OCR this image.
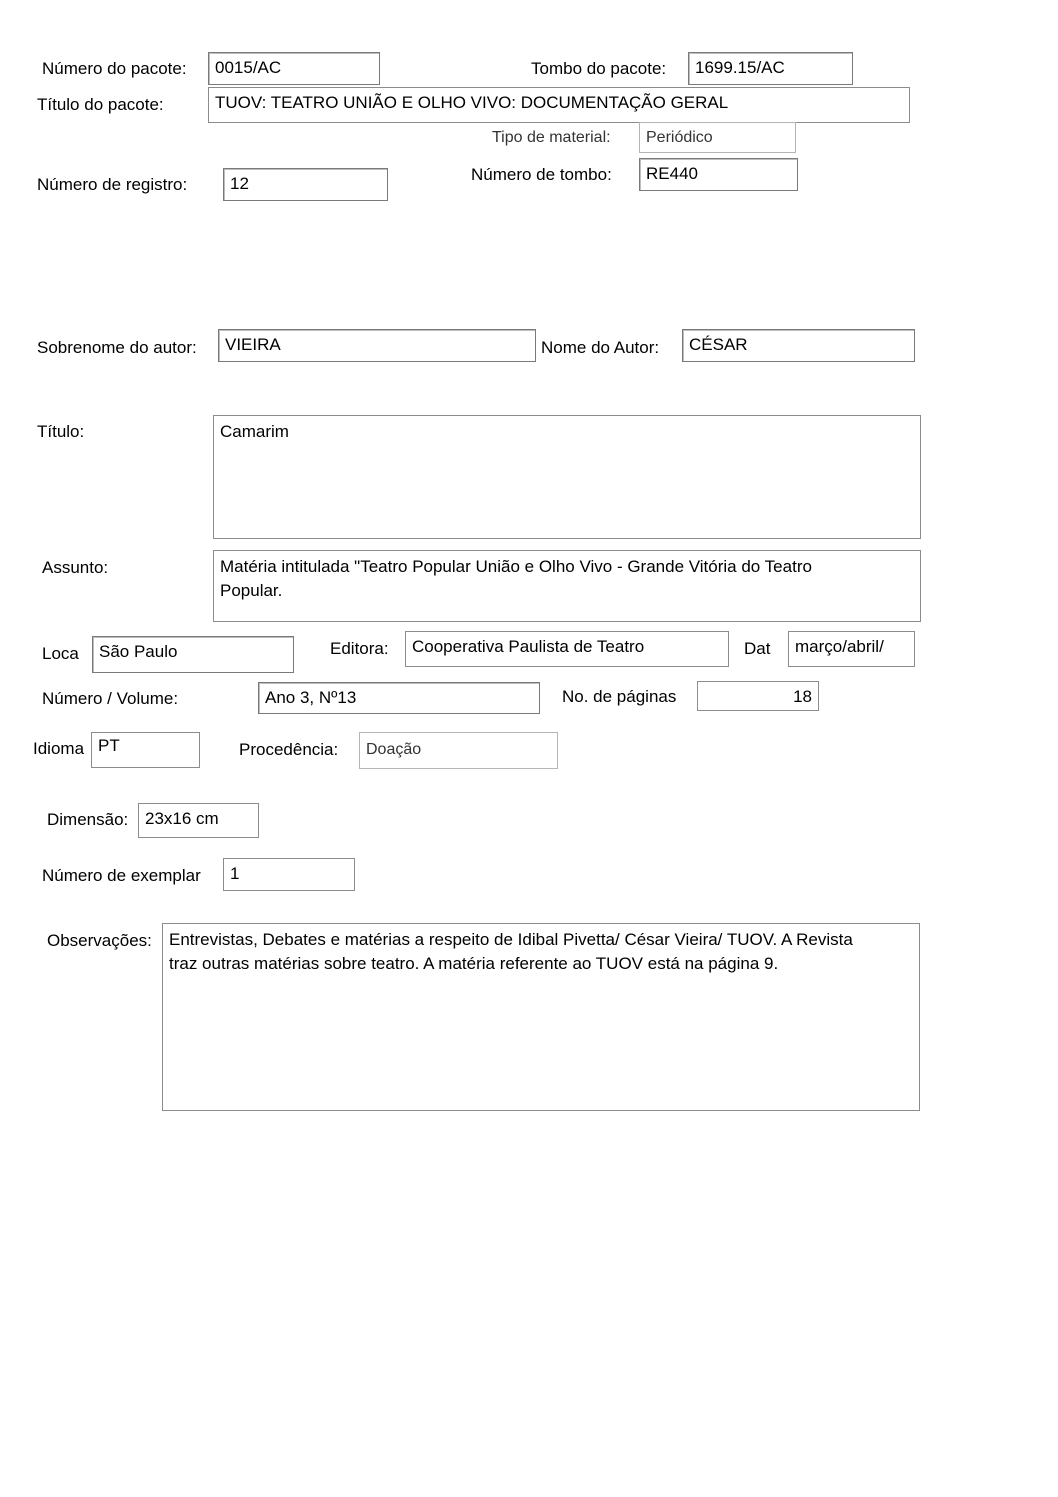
Número do pacote:	0015/AC	Tombo do pacote:	1699.15/AC
Título do pacote:	TUOV: TEATRO UNIÃO E OLHO VIVO: DOCUMENTAÇÃO GERAL
Tipo de material:	Periódico
Número de registro:	12	Número de tombo:	RE440
Sobrenome do autor:	VIEIRA	Nome do Autor:	CÉSAR
Título:	Camarim
Assunto:	Matéria intitulada "Teatro Popular União e Olho Vivo - Grande Vitória do Teatro
Popular.
Loca	São Paulo	Editora:	Cooperativa Paulista de Teatro	Dat	março/abril/
Número / Volume:	Ano 3, Nº13	No. de páginas	18
Idioma PT	Procedência:	Doação
Dimensão: 23x16 cm
Número de exemplar	1
Observações:	Entrevistas, Debates e matérias a respeito de Idibal Pivetta/ César Vieira/ TUOV. A Revista
traz outras matérias sobre teatro. A matéria referente ao TUOV está na página 9.
